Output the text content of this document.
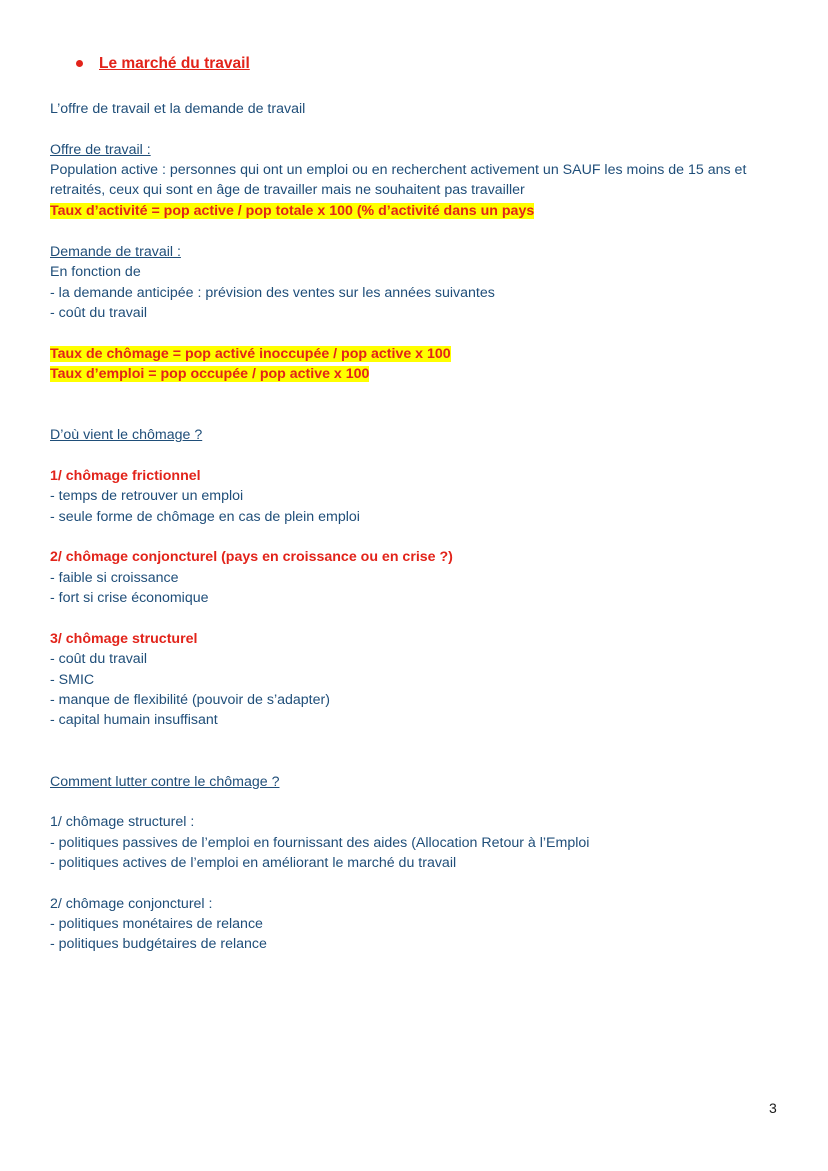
Le marché du travail
L’offre de travail et la demande de travail
Offre de travail :
Population active : personnes qui ont un emploi ou en recherchent activement un SAUF les moins de 15 ans et retraités, ceux qui sont en âge de travailler mais ne souhaitent pas travailler
Taux d’activité = pop active / pop totale x 100 (% d’activité dans un pays
Demande de travail :
En fonction de
- la demande anticipée : prévision des ventes sur les années suivantes
- coût du travail
Taux de chômage = pop activé inoccupée / pop active x 100
Taux d’emploi = pop occupée / pop active x 100
D’où vient le chômage ?
1/ chômage frictionnel
- temps de retrouver un emploi
- seule forme de chômage en cas de plein emploi
2/ chômage conjoncturel (pays en croissance ou en crise ?)
- faible si croissance
- fort si crise économique
3/ chômage structurel
- coût du travail
- SMIC
- manque de flexibilité (pouvoir de s’adapter)
- capital humain insuffisant
Comment lutter contre le chômage ?
1/ chômage structurel :
- politiques passives de l’emploi en fournissant des aides (Allocation Retour à l’Emploi
- politiques actives de l’emploi en améliorant le marché du travail
2/ chômage conjoncturel :
- politiques monétaires de relance
- politiques budgétaires de relance
3
